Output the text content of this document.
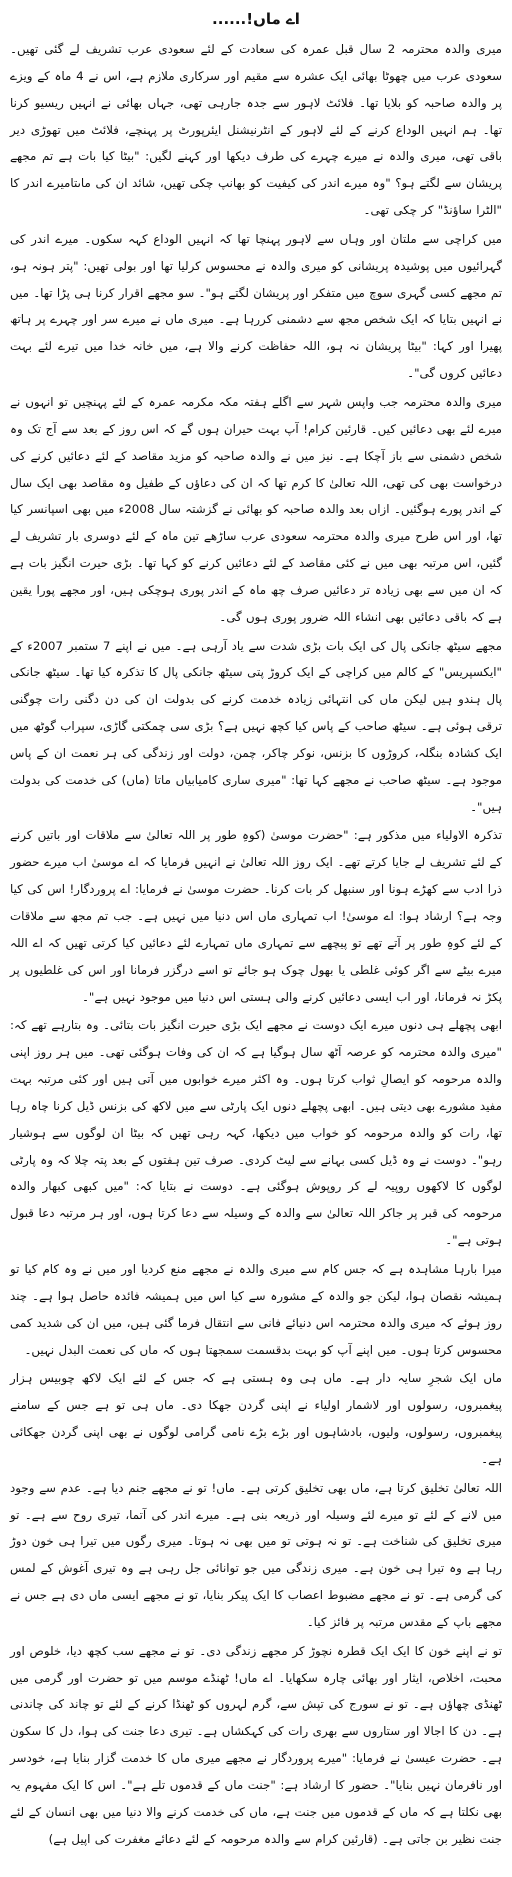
اے ماں!......

میری والدہ محترمہ 2 سال قبل عمرہ کی سعادت کے لئے سعودی عرب تشریف لے گئی تھیں۔ سعودی عرب میں چھوٹا بھائی ایک عشرہ سے مقیم اور سرکاری ملازم ہے، اس نے 4 ماہ کے ویزے پر والدہ صاحبہ کو بلایا تھا۔ فلائٹ لاہور سے جدہ جارہی تھی، جہاں بھائی نے انہیں ریسیو کرنا تھا۔ ہم انہیں الوداع کرنے کے لئے لاہور کے انٹرنیشنل ایئرپورٹ پر پہنچے، فلائٹ میں تھوڑی دیر باقی تھی، میری والدہ نے میرے چہرے کی طرف دیکھا اور کہنے لگیں: "بیٹا کیا بات ہے تم مجھے پریشان سے لگتے ہو؟ "وہ میرے اندر کی کیفیت کو بھانپ چکی تھیں، شائد ان کی ماںتامیرے اندر کا "الٹرا ساؤنڈ" کر چکی تھی۔

میں کراچی سے ملتان اور وہاں سے لاہور پہنچا تھا کہ انہیں الوداع کہہ سکوں۔ میرے اندر کی گہرائیوں میں پوشیدہ پریشانی کو میری والدہ نے محسوس کرلیا تھا اور بولی تھیں: "پتر ہونہ ہو، تم مجھے کسی گہری سوچ میں متفکر اور پریشان لگتے ہو"۔ سو مجھے اقرار کرنا ہی پڑا تھا۔ میں نے انہیں بتایا کہ ایک شخص مجھ سے دشمنی کررہا ہے۔ میری ماں نے میرے سر اور چہرے پر ہاتھ پھیرا اور کہا: "بیٹا پریشان نہ ہو، اللہ حفاظت کرنے والا ہے، میں خانہ خدا میں تیرے لئے بہت دعائیں کروں گی"۔

میری والدہ محترمہ جب واپس شہر سے اگلے ہفتہ مکہ مکرمہ عمرہ کے لئے پہنچیں تو انہوں نے میرے لئے بھی دعائیں کیں۔ قارئین کرام! آپ بہت حیران ہوں گے کہ اس روز کے بعد سے آج تک وہ شخص دشمنی سے باز آچکا ہے۔ نیز میں نے والدہ صاحبہ کو مزید مقاصد کے لئے دعائیں کرنے کی درخواست بھی کی تھی، اللہ تعالیٰ کا کرم تھا کہ ان کی دعاؤں کے طفیل وہ مقاصد بھی ایک سال کے اندر پورے ہوگئیں۔ ازاں بعد والدہ صاحبہ کو بھائی نے گزشتہ سال 2008ء میں بھی اسپانسر کیا تھا، اور اس طرح میری والدہ محترمہ سعودی عرب ساڑھے تین ماہ کے لئے دوسری بار تشریف لے گئیں، اس مرتبہ بھی میں نے کئی مقاصد کے لئے دعائیں کرنے کو کہا تھا۔ بڑی حیرت انگیز بات ہے کہ ان میں سے بھی زیادہ تر دعائیں صرف چھ ماہ کے اندر پوری ہوچکی ہیں، اور مجھے پورا یقین ہے کہ باقی دعائیں بھی انشاء اللہ ضرور پوری ہوں گی۔

مجھے سیٹھ جانکی پال کی ایک بات بڑی شدت سے یاد آرہی ہے۔ میں نے اپنے 7 ستمبر 2007ء کے "ایکسپریس" کے کالم میں کراچی کے ایک کروڑ پتی سیٹھ جانکی پال کا تذکرہ کیا تھا۔ سیٹھ جانکی پال ہندو ہیں لیکن ماں کی انتہائی زیادہ خدمت کرنے کی بدولت ان کی دن دگنی رات چوگنی ترقی ہوئی ہے۔ سیٹھ صاحب کے پاس کیا کچھ نہیں ہے؟ بڑی سی چمکتی گاڑی، سپراب گوٹھ میں ایک کشادہ بنگلہ، کروڑوں کا بزنس، نوکر چاکر، چمن، دولت اور زندگی کی ہر نعمت ان کے پاس موجود ہے۔ سیٹھ صاحب نے مجھے کہا تھا: "میری ساری کامیابیاں ماتا (ماں) کی خدمت کی بدولت ہیں"۔

تذکرہ الاولیاء میں مذکور ہے: "حضرت موسیٰ (کوہِ طور پر اللہ تعالیٰ سے ملاقات اور باتیں کرنے کے لئے تشریف لے جایا کرتے تھے۔ ایک روز اللہ تعالیٰ نے انہیں فرمایا کہ اے موسیٰ اب میرے حضور ذرا ادب سے کھڑے ہونا اور سنبھل کر بات کرنا۔ حضرت موسیٰ نے فرمایا: اے پروردگار! اس کی کیا وجہ ہے؟ ارشاد ہوا: اے موسیٰ! اب تمہاری ماں اس دنیا میں نہیں ہے۔ جب تم مجھ سے ملاقات کے لئے کوہِ طور پر آتے تھے تو پیچھے سے تمہاری ماں تمہارے لئے دعائیں کیا کرتی تھیں کہ اے اللہ میرے بیٹے سے اگر کوئی غلطی یا بھول چوک ہو جائے تو اسے درگزر فرمانا اور اس کی غلطیوں پر پکڑ نہ فرمانا، اور اب ایسی دعائیں کرنے والی ہستی اس دنیا میں موجود نہیں ہے"۔

ابھی پچھلے ہی دنوں میرے ایک دوست نے مجھے ایک بڑی حیرت انگیز بات بتائی۔ وہ بتارہے تھے کہ: "میری والدہ محترمہ کو عرصہ آٹھ سال ہوگیا ہے کہ ان کی وفات ہوگئی تھی۔ میں ہر روز اپنی والدہ مرحومہ کو ایصالِ ثواب کرتا ہوں۔ وہ اکثر میرے خوابوں میں آتی ہیں اور کئی مرتبہ بہت مفید مشورے بھی دیتی ہیں۔ ابھی پچھلے دنوں ایک پارٹی سے میں لاکھ کی بزنس ڈیل کرنا چاہ رہا تھا، رات کو والدہ مرحومہ کو خواب میں دیکھا، کہہ رہی تھیں کہ بیٹا ان لوگوں سے ہوشیار رہو"۔ دوست نے وہ ڈیل کسی بہانے سے لیٹ کردی۔ صرف تین ہفتوں کے بعد پتہ چلا کہ وہ پارٹی لوگوں کا لاکھوں روپیہ لے کر روپوش ہوگئی ہے۔ دوست نے بتایا کہ: "میں کبھی کبھار والدہ مرحومہ کی قبر پر جاکر اللہ تعالیٰ سے والدہ کے وسیلہ سے دعا کرتا ہوں، اور ہر مرتبہ دعا قبول ہوتی ہے"۔

میرا بارہا مشاہدہ ہے کہ جس کام سے میری والدہ نے مجھے منع کردیا اور میں نے وہ کام کیا تو ہمیشہ نقصان ہوا، لیکن جو والدہ کے مشورہ سے کیا اس میں ہمیشہ فائدہ حاصل ہوا ہے۔ چند روز ہوئے کہ میری والدہ محترمہ اس دنیائے فانی سے انتقال فرما گئی ہیں، میں ان کی شدید کمی محسوس کرتا ہوں۔ میں اپنے آپ کو بہت بدقسمت سمجھتا ہوں کہ ماں کی نعمت البدل نہیں۔

ماں ایک شجرِ سایہ دار ہے۔ ماں ہی وہ ہستی ہے کہ جس کے لئے ایک لاکھ چوبیس ہزار پیغمبروں، رسولوں اور لاشمار اولیاء نے اپنی گردن جھکا دی۔ ماں ہی تو ہے جس کے سامنے پیغمبروں، رسولوں، ولیوں، بادشاہوں اور بڑے بڑے نامی گرامی لوگوں نے بھی اپنی گردن جھکائی ہے۔

اللہ تعالیٰ تخلیق کرتا ہے، ماں بھی تخلیق کرتی ہے۔ ماں! تو نے مجھے جنم دیا ہے۔ عدم سے وجود میں لانے کے لئے تو میرے لئے وسیلہ اور ذریعہ بنی ہے۔ میرے اندر کی آتما، تیری روح سے ہے۔ تو میری تخلیق کی شناخت ہے۔ تو نہ ہوتی تو میں بھی نہ ہوتا۔ میری رگوں میں تیرا ہی خون دوڑ رہا ہے وہ تیرا ہی خون ہے۔ میری زندگی میں جو توانائی جل رہی ہے وہ تیری آغوش کے لمس کی گرمی ہے۔ تو نے مجھے مضبوط اعصاب کا ایک پیکر بنایا، تو نے مجھے ایسی ماں دی ہے جس نے مجھے باپ کے مقدس مرتبہ پر فائز کیا۔

تو نے اپنے خون کا ایک ایک قطرہ نچوڑ کر مجھے زندگی دی۔ تو نے مجھے سب کچھ دیا، خلوص اور محبت، اخلاص، ایثار اور بھائی چارہ سکھایا۔ اے ماں! ٹھنڈے موسم میں تو حضرت اور گرمی میں ٹھنڈی چھاؤں ہے۔ تو نے سورج کی تپش سے، گرم لہروں کو ٹھنڈا کرنے کے لئے تو چاند کی چاندنی ہے۔ دن کا اجالا اور ستاروں سے بھری رات کی کہکشاں ہے۔ تیری دعا جنت کی ہوا، دل کا سکون ہے۔ حضرت عیسیٰ نے فرمایا: "میرے پروردگار نے مجھے میری ماں کا خدمت گزار بنایا ہے، خودسر اور نافرمان نہیں بنایا"۔ حضور کا ارشاد ہے: "جنت ماں کے قدموں تلے ہے"۔ اس کا ایک مفہوم یہ بھی نکلتا ہے کہ ماں کے قدموں میں جنت ہے، ماں کی خدمت کرنے والا دنیا میں بھی انسان کے لئے جنت نظیر بن جاتی ہے۔ (قارئین کرام سے والدہ مرحومہ کے لئے دعائے مغفرت کی اپیل ہے)
